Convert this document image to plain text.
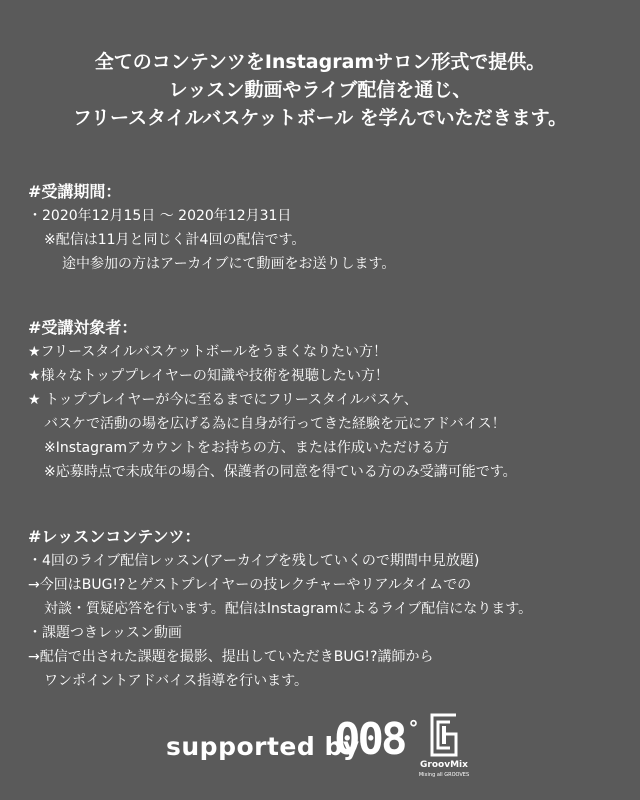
全てのコンテンツをInstagramサロン形式で提供。
レッスン動画やライブ配信を通じ、
フリースタイルバスケットボール を学んでいただきます。
#受講期間：
・2020年12月15日 ～ 2020年12月31日
※配信は11月と同じく計4回の配信です。
途中参加の方はアーカイブにて動画をお送りします。
#受講対象者：
★フリースタイルバスケットボールをうまくなりたい方！
★様々なトッププレイヤーの知識や技術を視聴したい方！
★ トッププレイヤーが今に至るまでにフリースタイルバスケ、
バスケで活動の場を広げる為に自身が行ってきた経験を元にアドバイス！
※Instagramアカウントをお持ちの方、または作成いただける方
※応募時点で未成年の場合、保護者の同意を得ている方のみ受講可能です。
#レッスンコンテンツ：
・4回のライブ配信レッスン(アーカイブを残していくので期間中見放題)
→今回はBUG!?とゲストプレイヤーの技レクチャーやリアルタイムでの
対談・質疑応答を行います。配信はInstagramによるライブ配信になります。
・課題つきレッスン動画
→配信で出された課題を撮影、提出していただきBUG!?講師から
ワンポイントアドバイス指導を行います。
supported by
008 °
GroovMix
Mixing all GROOVES
